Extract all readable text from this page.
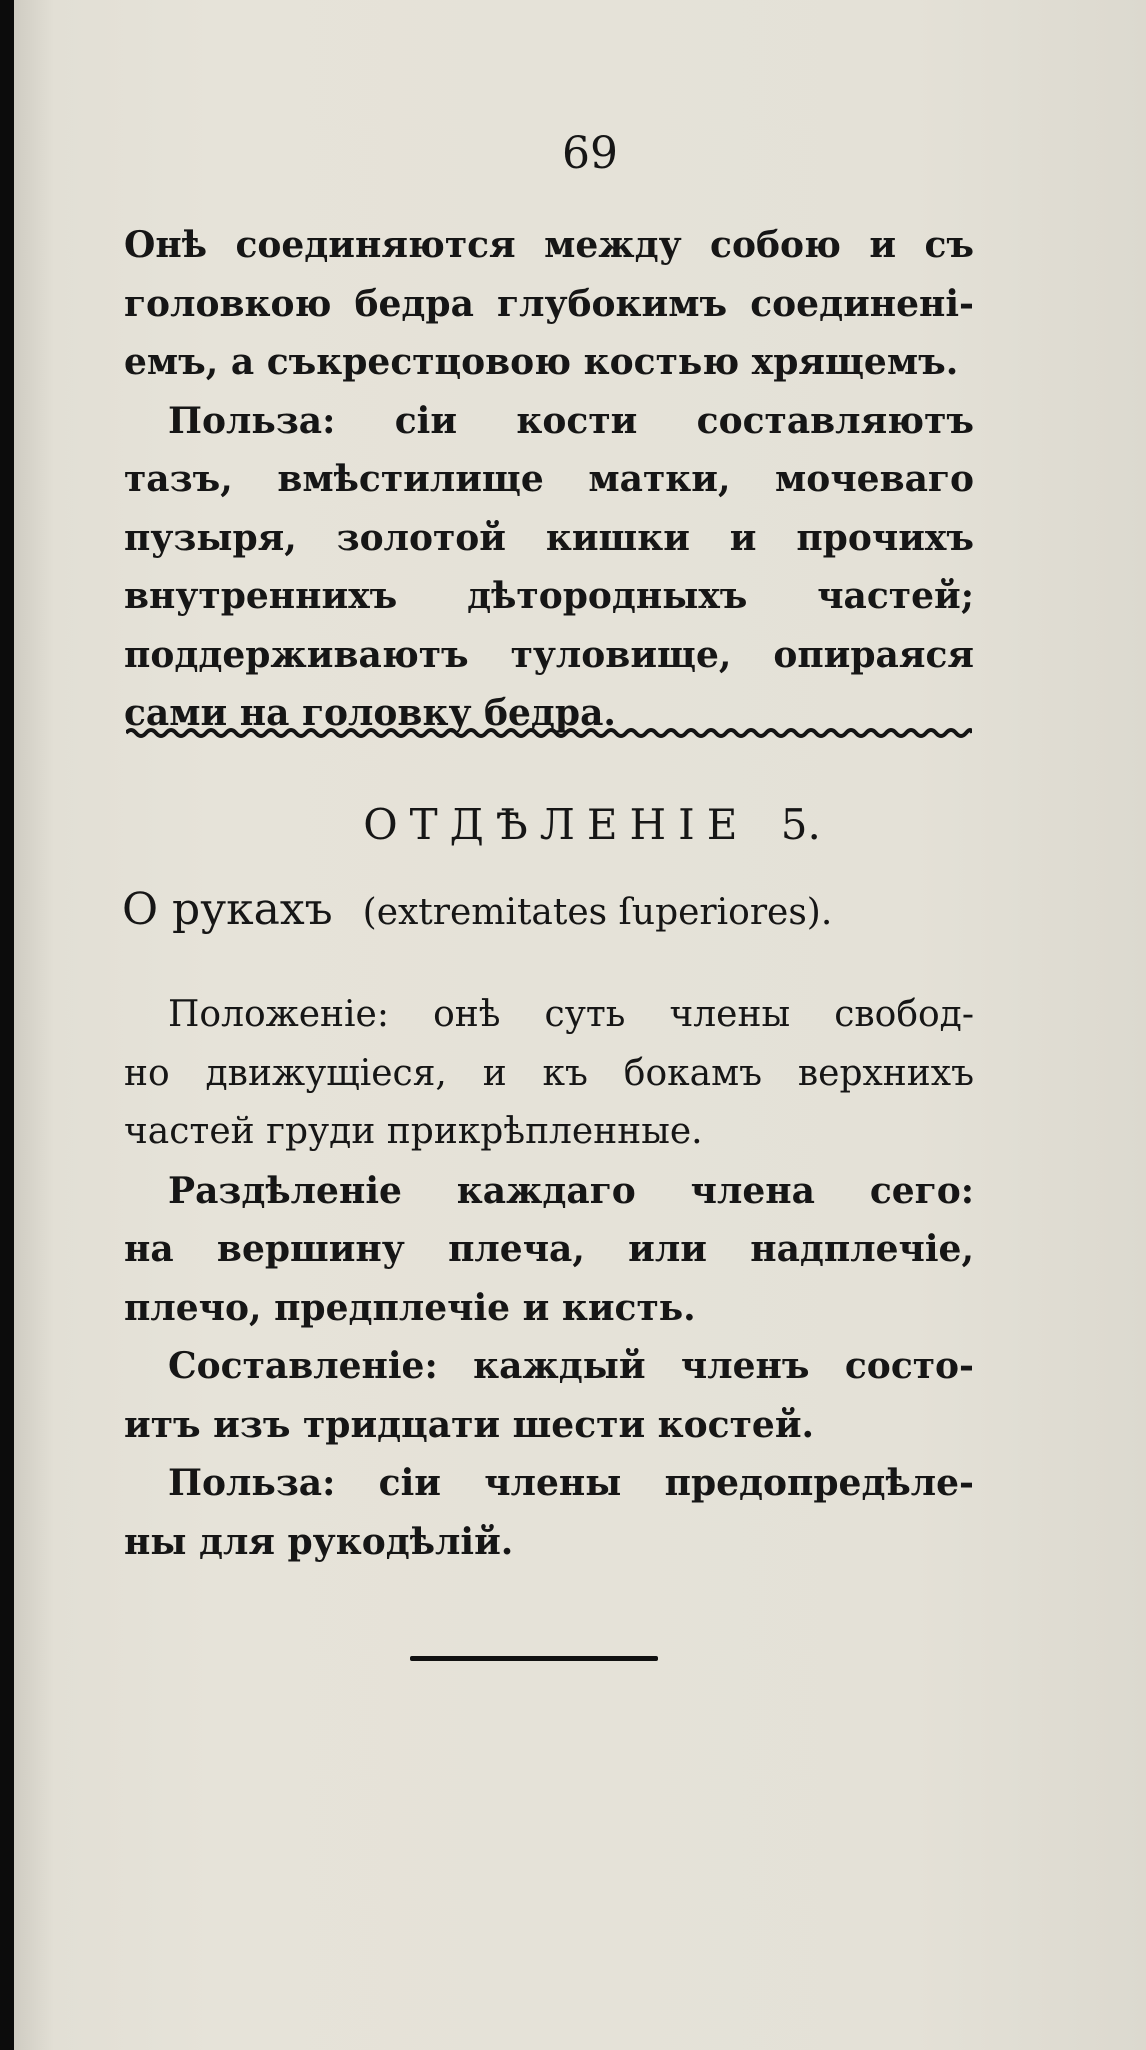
69
Онѣ соединяются между собою и съ
головкою бедра глубокимъ соединені-
емъ, а съкрестцовою костью хрящемъ.
Польза: сіи кости составляютъ
тазъ, вмѣстилище матки, мочеваго
пузыря, золотой кишки и прочихъ
внутреннихъ дѣтородныхъ частей;
поддерживаютъ туловище, опираяся
сами на головку бедра.
ОТДѢЛЕНІЕ 5.
О рукахъ (extremitates ſuperiores).
Положеніе: онѣ суть члены свобод-
но движущіеся, и къ бокамъ верхнихъ
частей груди прикрѣпленные.
Раздѣленіе каждаго члена сего:
на вершину плеча, или надплечіе,
плечо, предплечіе и кисть.
Составленіе: каждый членъ состо-
итъ изъ тридцати шести костей.
Польза: сіи члены предопредѣле-
ны для рукодѣлій.
